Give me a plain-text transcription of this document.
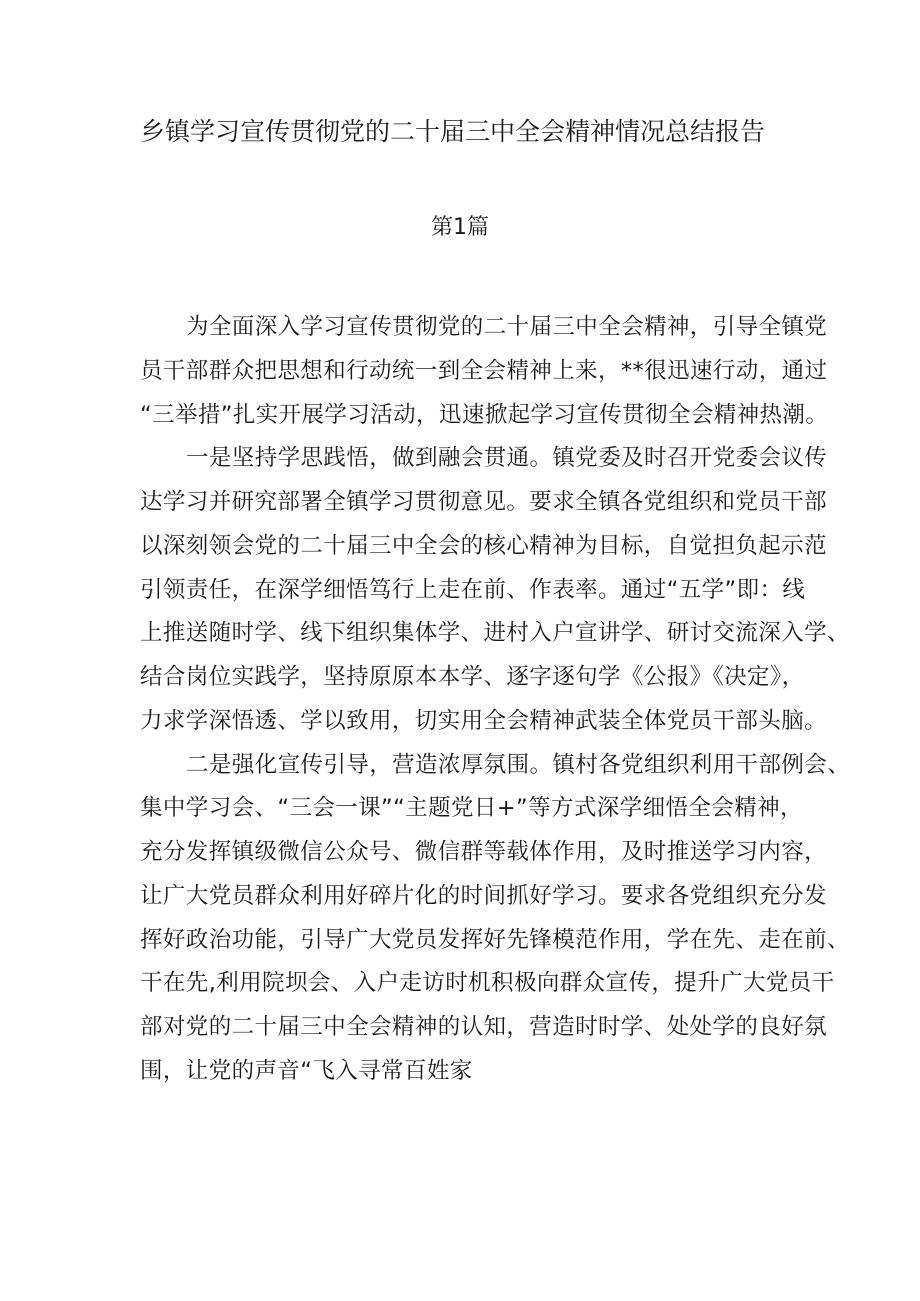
乡镇学习宣传贯彻党的二十届三中全会精神情况总结报告
第1篇
为全面深入学习宣传贯彻党的二十届三中全会精神，引导全镇党
员干部群众把思想和行动统一到全会精神上来，**很迅速行动，通过
“三举措”扎实开展学习活动，迅速掀起学习宣传贯彻全会精神热潮。
一是坚持学思践悟，做到融会贯通。镇党委及时召开党委会议传
达学习并研究部署全镇学习贯彻意见。要求全镇各党组织和党员干部
以深刻领会党的二十届三中全会的核心精神为目标，自觉担负起示范
引领责任，在深学细悟笃行上走在前、作表率。通过“五学”即：线
上推送随时学、线下组织集体学、进村入户宣讲学、研讨交流深入学、
结合岗位实践学，坚持原原本本学、逐字逐句学《公报》《决定》，
力求学深悟透、学以致用，切实用全会精神武装全体党员干部头脑。
二是强化宣传引导，营造浓厚氛围。镇村各党组织利用干部例会、
集中学习会、“三会一课”“主题党日+”等方式深学细悟全会精神，
充分发挥镇级微信公众号、微信群等载体作用，及时推送学习内容，
让广大党员群众利用好碎片化的时间抓好学习。要求各党组织充分发
挥好政治功能，引导广大党员发挥好先锋模范作用，学在先、走在前、
干在先,利用院坝会、入户走访时机积极向群众宣传，提升广大党员干
部对党的二十届三中全会精神的认知，营造时时学、处处学的良好氛
围，让党的声音“飞入寻常百姓家
